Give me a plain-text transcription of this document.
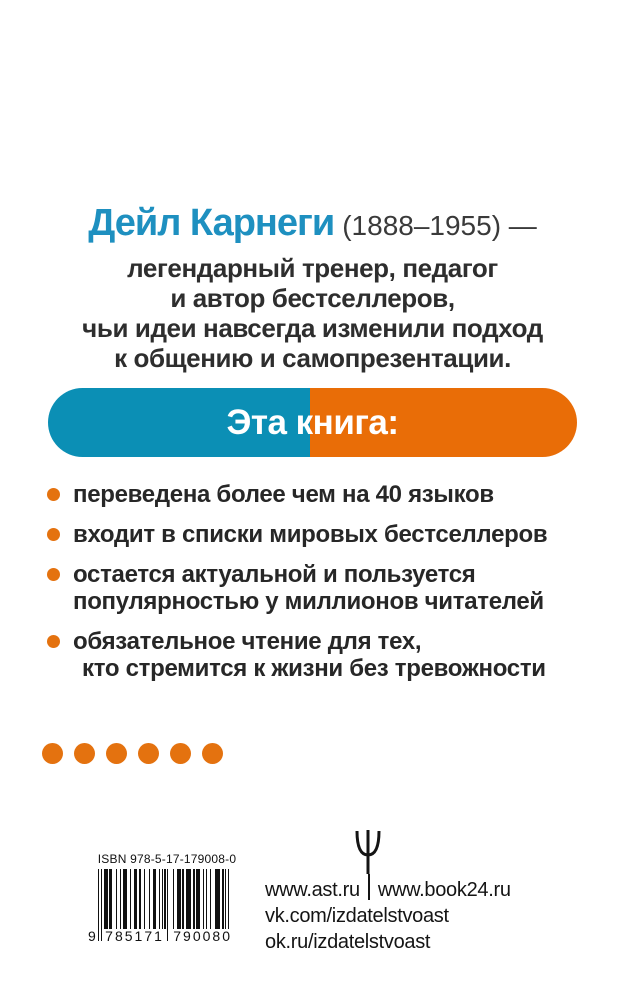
Дейл Карнеги (1888–1955) —
легендарный тренер, педагог
и автор бестселлеров,
чьи идеи навсегда изменили подход
к общению и самопрезентации.
Эта книга:
переведена более чем на 40 языков
входит в списки мировых бестселлеров
остается актуальной и пользуется
популярностью у миллионов читателей
обязательное чтение для тех,
кто стремится к жизни без тревожности
ISBN 978-5-17-179008-0
9 785171 790080
www.ast.ru www.book24.ru
vk.com/izdatelstvoast
ok.ru/izdatelstvoast
